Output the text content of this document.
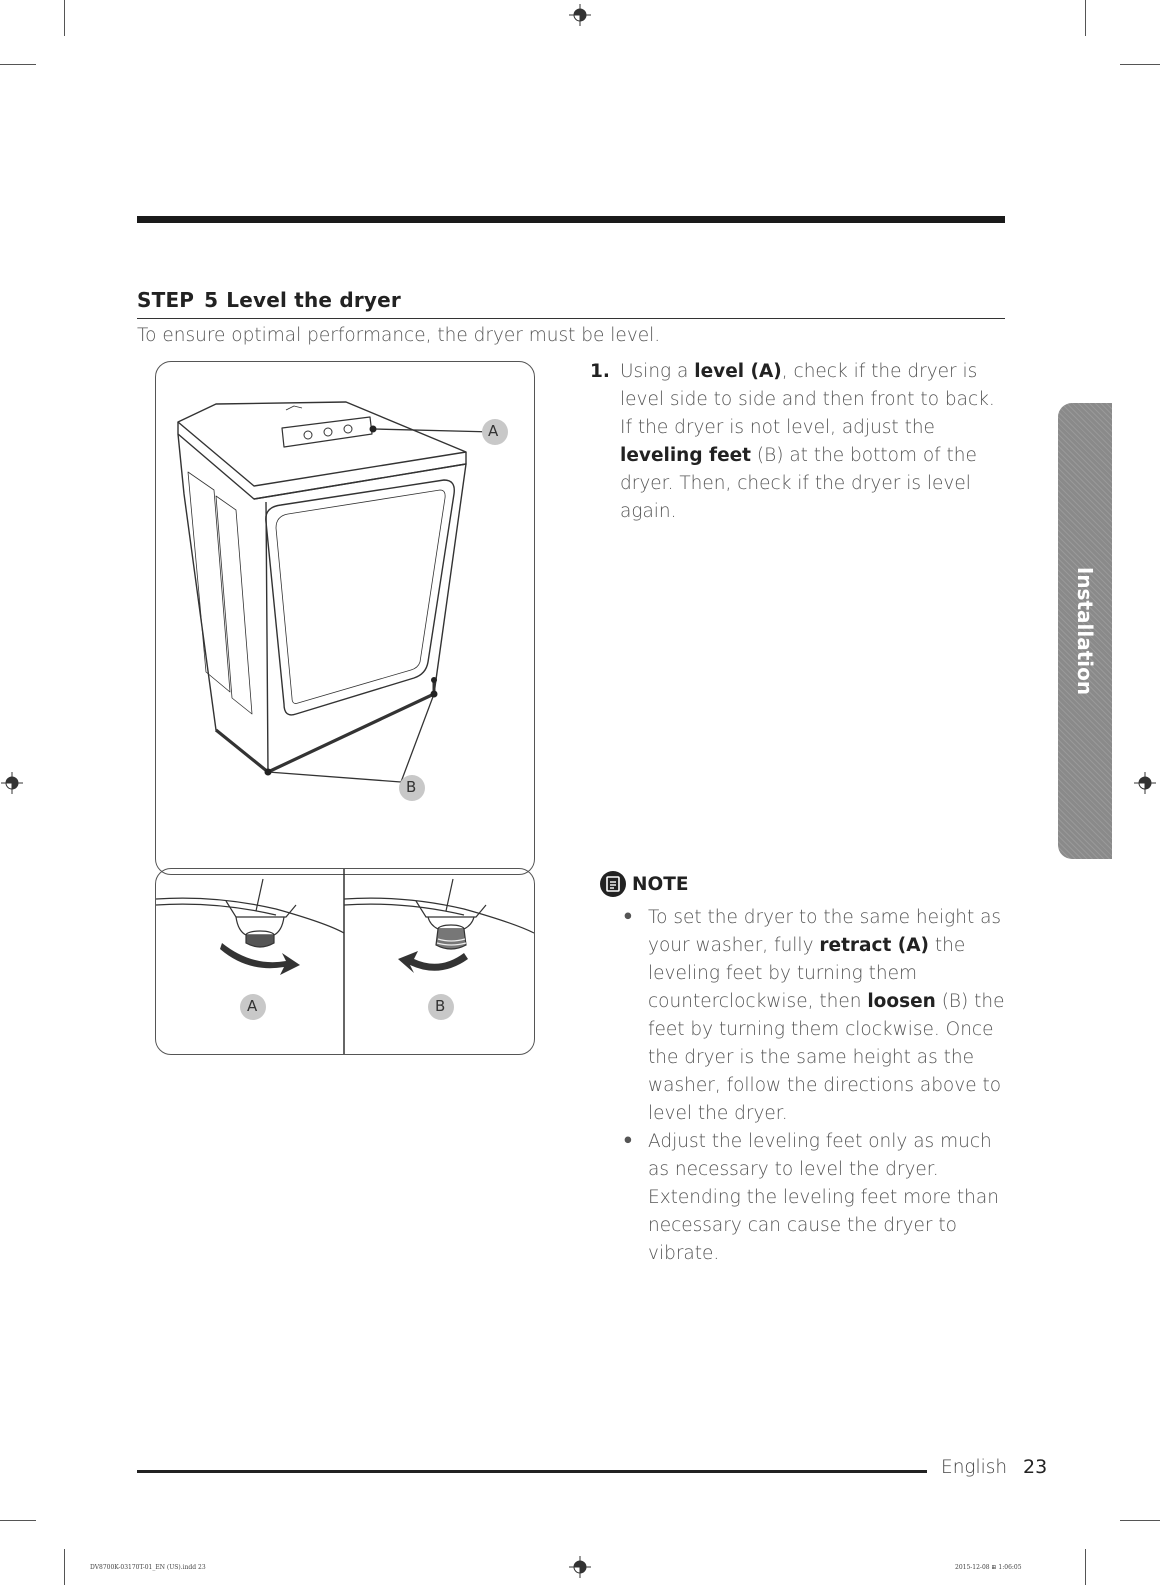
STEP 5 Level the dryer
To ensure optimal performance, the dryer must be level.
A
B
A	B
1. Using a level (A), check if the dryer is level side to side and then front to back. If the dryer is not level, adjust the leveling feet (B) at the bottom of the dryer. Then, check if the dryer is level again.
NOTE
• To set the dryer to the same height as your washer, fully retract (A) the leveling feet by turning them counterclockwise, then loosen (B) the feet by turning them clockwise. Once the dryer is the same height as the washer, follow the directions above to level the dryer.
• Adjust the leveling feet only as much as necessary to level the dryer. Extending the leveling feet more than necessary can cause the dryer to vibrate.
Installation
English 23
DV8700K-03170T-01_EN (US).indd 23	2015-12-08 ⊞ 1:06:05
